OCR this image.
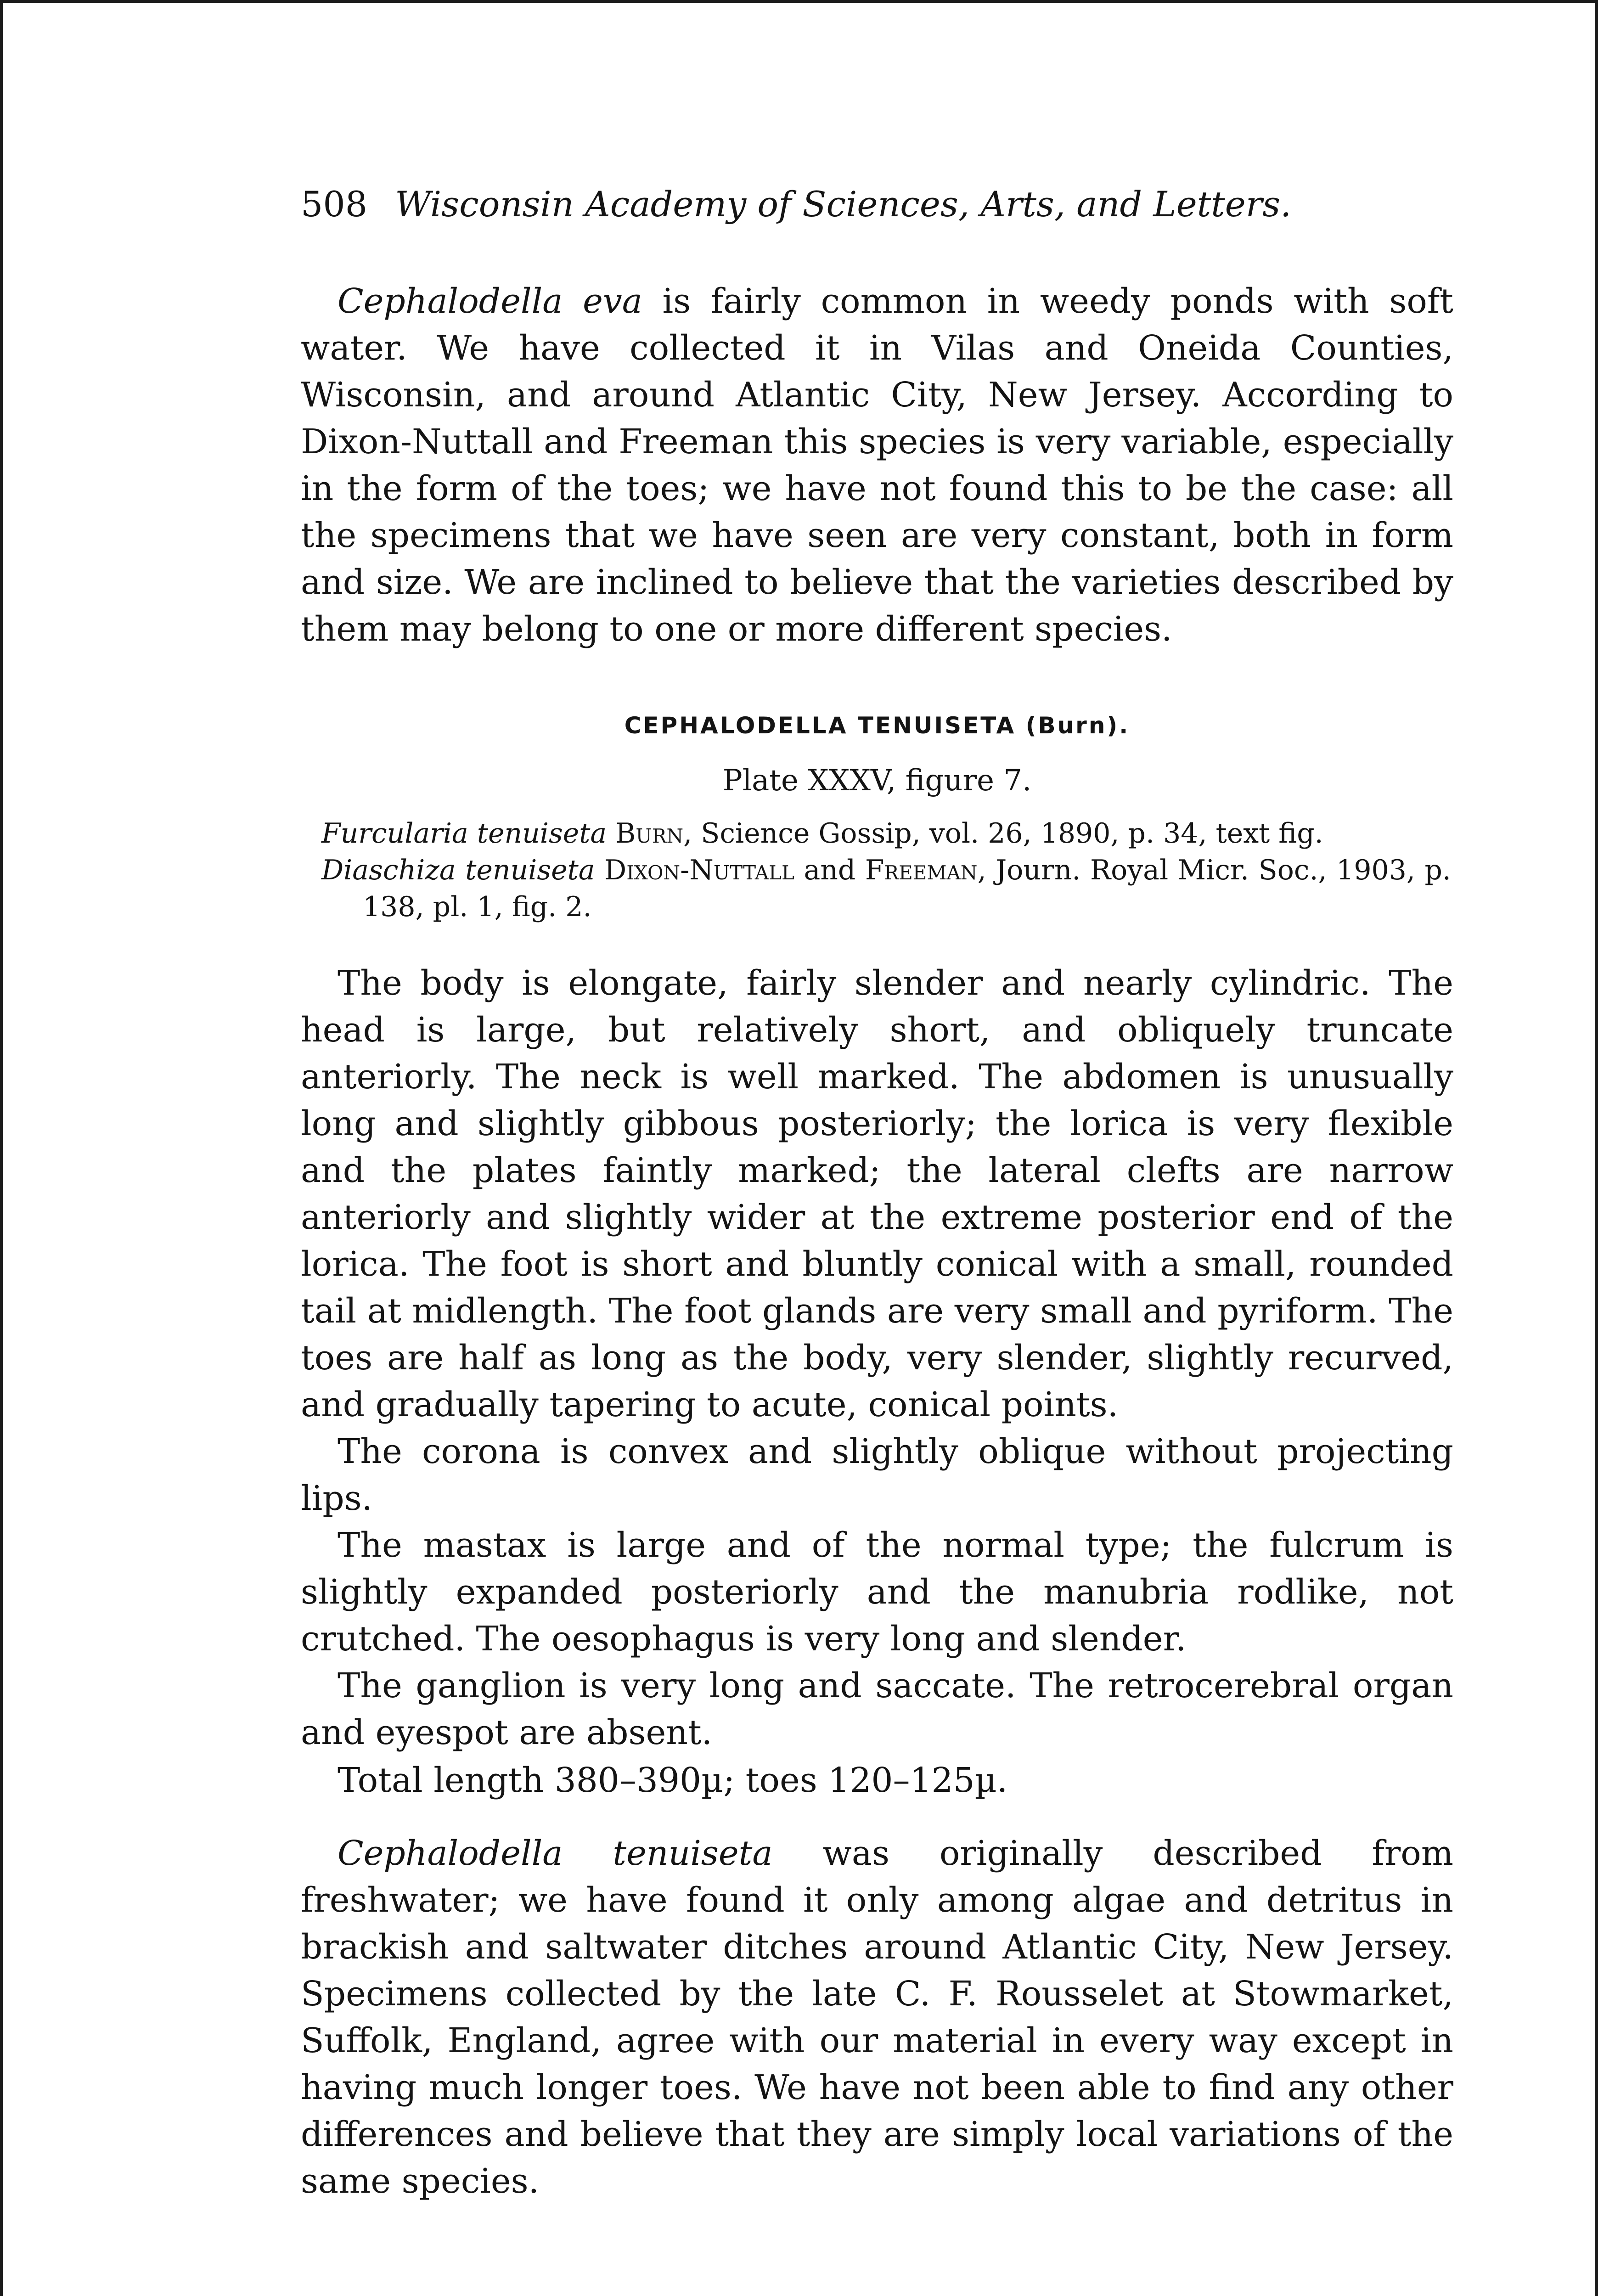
508 Wisconsin Academy of Sciences, Arts, and Letters.
Cephalodella eva is fairly common in weedy ponds with soft water. We have collected it in Vilas and Oneida Counties, Wisconsin, and around Atlantic City, New Jersey. According to Dixon-Nuttall and Freeman this species is very variable, especially in the form of the toes; we have not found this to be the case: all the specimens that we have seen are very constant, both in form and size. We are inclined to believe that the varieties described by them may belong to one or more different species.
CEPHALODELLA TENUISETA (Burn).
Plate XXXV, figure 7.
Furcularia tenuiseta Burn, Science Gossip, vol. 26, 1890, p. 34, text fig.
Diaschiza tenuiseta Dixon-Nuttall and Freeman, Journ. Royal Micr. Soc., 1903, p. 138, pl. 1, fig. 2.
The body is elongate, fairly slender and nearly cylindric. The head is large, but relatively short, and obliquely truncate anteriorly. The neck is well marked. The abdomen is unusually long and slightly gibbous posteriorly; the lorica is very flexible and the plates faintly marked; the lateral clefts are narrow anteriorly and slightly wider at the extreme posterior end of the lorica. The foot is short and bluntly conical with a small, rounded tail at midlength. The foot glands are very small and pyriform. The toes are half as long as the body, very slender, slightly recurved, and gradually tapering to acute, conical points.
The corona is convex and slightly oblique without projecting lips.
The mastax is large and of the normal type; the fulcrum is slightly expanded posteriorly and the manubria rodlike, not crutched. The oesophagus is very long and slender.
The ganglion is very long and saccate. The retrocerebral organ and eyespot are absent.
Total length 380–390µ; toes 120–125µ.
Cephalodella tenuiseta was originally described from freshwater; we have found it only among algae and detritus in brackish and saltwater ditches around Atlantic City, New Jersey. Specimens collected by the late C. F. Rousselet at Stowmarket, Suffolk, England, agree with our material in every way except in having much longer toes. We have not been able to find any other differences and believe that they are simply local variations of the same species.
